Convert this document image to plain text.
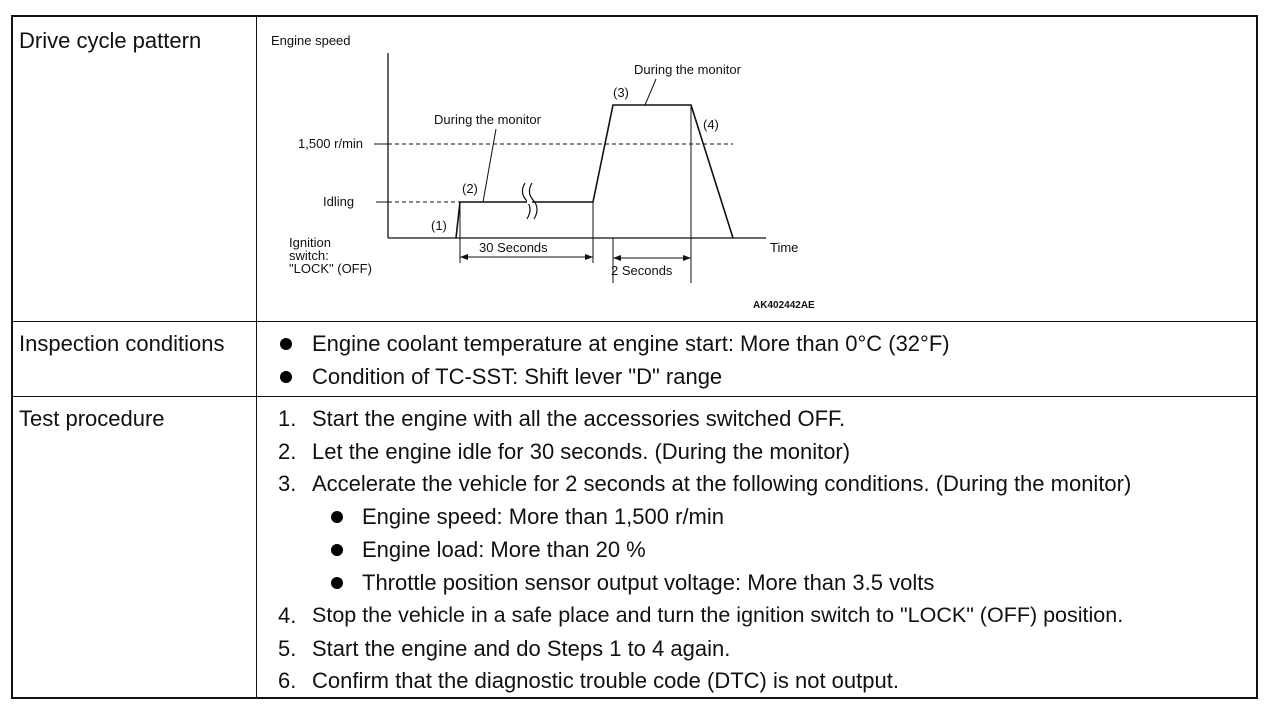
Drive cycle pattern
Inspection conditions
Test procedure
Engine speed
Time
1,500 r/min
Idling
Ignition
switch:
"LOCK" (OFF)
(1)
(2)
(3)
(4)
During the monitor
During the monitor
30 Seconds
2 Seconds
AK402442AE
Engine coolant temperature at engine start: More than 0°C (32°F)
Condition of TC-SST: Shift lever "D" range
1. Start the engine with all the accessories switched OFF.
2. Let the engine idle for 30 seconds. (During the monitor)
3. Accelerate the vehicle for 2 seconds at the following conditions. (During the monitor)
Engine speed: More than 1,500 r/min
Engine load: More than 20 %
Throttle position sensor output voltage: More than 3.5 volts
4. Stop the vehicle in a safe place and turn the ignition switch to "LOCK" (OFF) position.
5. Start the engine and do Steps 1 to 4 again.
6. Confirm that the diagnostic trouble code (DTC) is not output.
